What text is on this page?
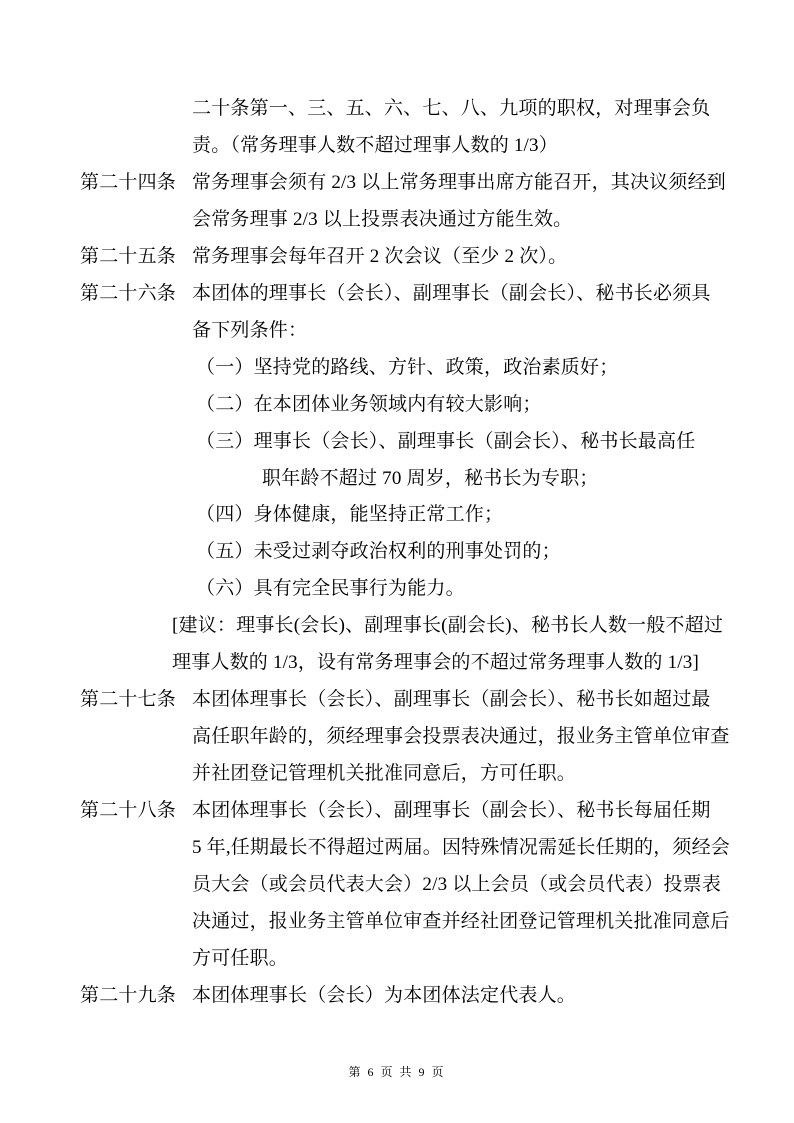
二十条第一、三、五、六、七、八、九项的职权，对理事会负
责。（常务理事人数不超过理事人数的 1/3）
第二十四条 常务理事会须有 2/3 以上常务理事出席方能召开，其决议须经到
会常务理事 2/3 以上投票表决通过方能生效。
第二十五条 常务理事会每年召开 2 次会议（至少 2 次）。
第二十六条 本团体的理事长（会长）、副理事长（副会长）、秘书长必须具
备下列条件：
（一）坚持党的路线、方针、政策，政治素质好；
（二）在本团体业务领域内有较大影响；
（三）理事长（会长）、副理事长（副会长）、秘书长最高任
职年龄不超过 70 周岁，秘书长为专职；
（四）身体健康，能坚持正常工作；
（五）未受过剥夺政治权利的刑事处罚的；
（六）具有完全民事行为能力。
[建议：理事长(会长)、副理事长(副会长)、秘书长人数一般不超过
理事人数的 1/3，设有常务理事会的不超过常务理事人数的 1/3]
第二十七条 本团体理事长（会长）、副理事长（副会长）、秘书长如超过最
高任职年龄的，须经理事会投票表决通过，报业务主管单位审查
并社团登记管理机关批准同意后，方可任职。
第二十八条 本团体理事长（会长）、副理事长（副会长）、秘书长每届任期
5 年,任期最长不得超过两届。因特殊情况需延长任期的，须经会
员大会（或会员代表大会）2/3 以上会员（或会员代表）投票表
决通过，报业务主管单位审查并经社团登记管理机关批准同意后
方可任职。
第二十九条 本团体理事长（会长）为本团体法定代表人。
第 6 页 共 9 页
